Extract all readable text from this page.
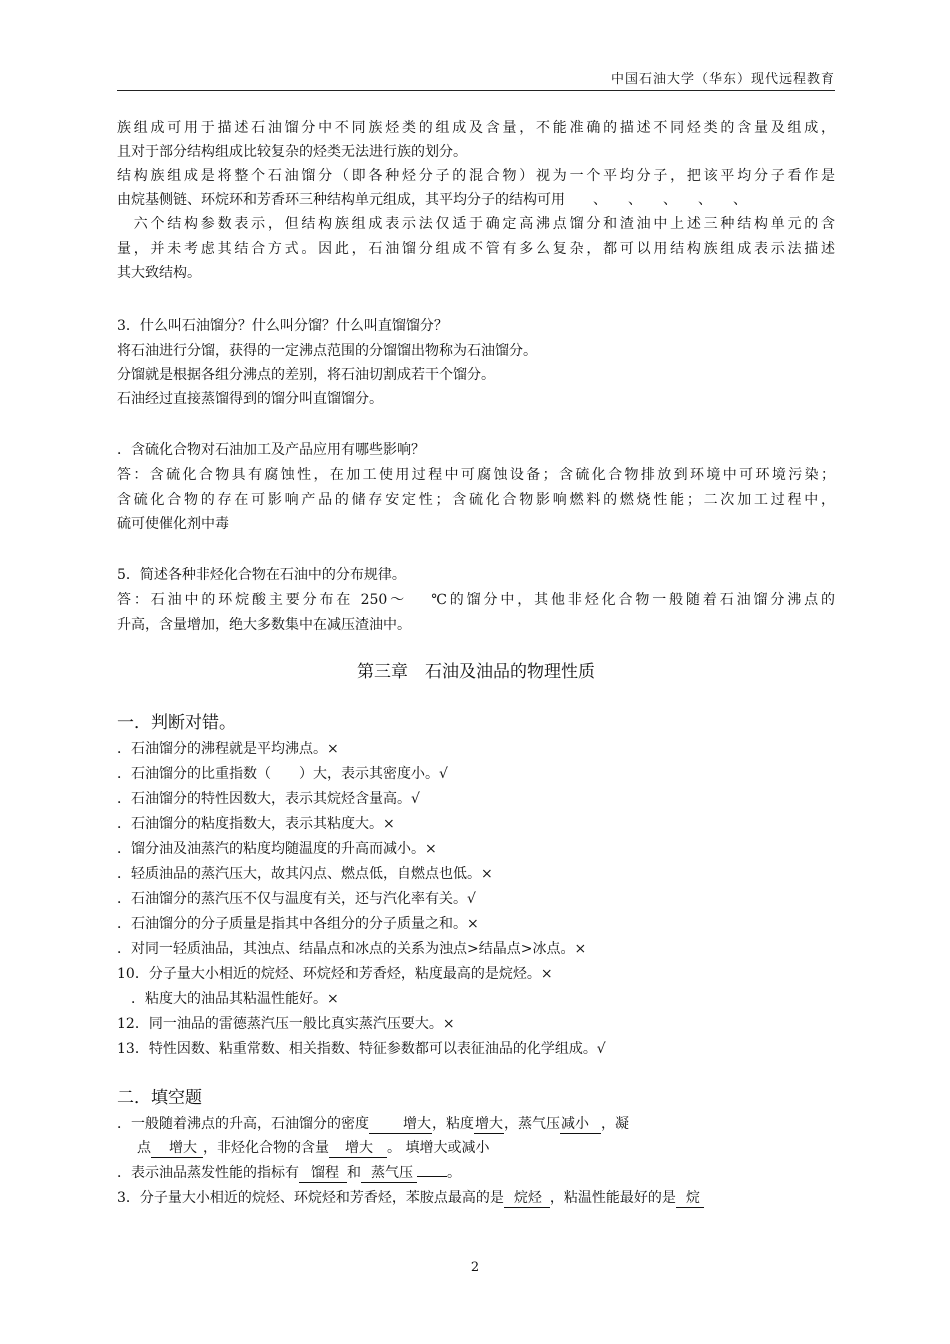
中国石油大学（华东）现代远程教育
族组成可用于描述石油馏分中不同族烃类的组成及含量，不能准确的描述不同烃类的含量及组成，
且对于部分结构组成比较复杂的烃类无法进行族的划分。
结构族组成是将整个石油馏分（即各种烃分子的混合物）视为一个平均分子，把该平均分子看作是
由烷基侧链、环烷环和芳香环三种结构单元组成，其平均分子的结构可用　　、　　、　　、　　、　　、
　六个结构参数表示，但结构族组成表示法仅适于确定高沸点馏分和渣油中上述三种结构单元的含
量，并未考虑其结合方式。因此，石油馏分组成不管有多么复杂，都可以用结构族组成表示法描述
其大致结构。
3．什么叫石油馏分？什么叫分馏？什么叫直馏馏分？
将石油进行分馏，获得的一定沸点范围的分馏馏出物称为石油馏分。
分馏就是根据各组分沸点的差别，将石油切割成若干个馏分。
石油经过直接蒸馏得到的馏分叫直馏馏分。
．含硫化合物对石油加工及产品应用有哪些影响？
答：含硫化合物具有腐蚀性，在加工使用过程中可腐蚀设备；含硫化合物排放到环境中可环境污染；
含硫化合物的存在可影响产品的储存安定性；含硫化合物影响燃料的燃烧性能；二次加工过程中，
硫可使催化剂中毒
5．简述各种非烃化合物在石油中的分布规律。
答：石油中的环烷酸主要分布在 250～　 ℃的馏分中，其他非烃化合物一般随着石油馏分沸点的
升高，含量增加，绝大多数集中在减压渣油中。
第三章　石油及油品的物理性质
一．判断对错。
．石油馏分的沸程就是平均沸点。×
．石油馏分的比重指数（　　）大，表示其密度小。√
．石油馏分的特性因数大，表示其烷烃含量高。√
．石油馏分的粘度指数大，表示其粘度大。×
．馏分油及油蒸汽的粘度均随温度的升高而减小。×
．轻质油品的蒸汽压大，故其闪点、燃点低，自燃点也低。×
．石油馏分的蒸汽压不仅与温度有关，还与汽化率有关。√
．石油馏分的分子质量是指其中各组分的分子质量之和。×
．对同一轻质油品，其浊点、结晶点和冰点的关系为浊点>结晶点>冰点。×
10．分子量大小相近的烷烃、环烷烃和芳香烃，粘度最高的是烷烃。×
　．粘度大的油品其粘温性能好。×
12．同一油品的雷德蒸汽压一般比真实蒸汽压要大。×
13．特性因数、粘重常数、相关指数、特征参数都可以表征油品的化学组成。√
二．填空题
．一般随着沸点的升高，石油馏分的密度 增大，粘度增大，蒸气压减小 ，凝
点 增大 ，非烃化合物的含量 增大 。 填增大或减小
．表示油品蒸发性能的指标有 馏程 和 蒸气压 。
3．分子量大小相近的烷烃、环烷烃和芳香烃，苯胺点最高的是 烷烃 ，粘温性能最好的是 烷
2
